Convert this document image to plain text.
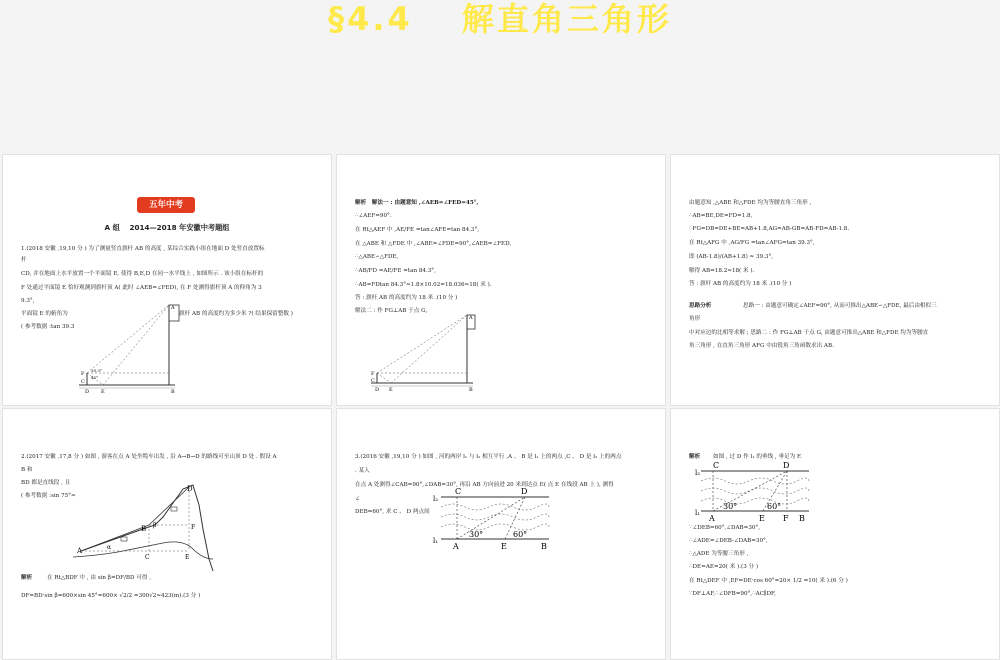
§4.4　 解直角三角形
五年中考
A 组　 2014—2018 年安徽中考题组
1.(2018 安徽 ,19,10 分 ) 为了测量竖直旗杆 AB 的高度 , 某综合实践小组在地面 D 处竖直放置标
杆
CD, 并在地面上水平放置一个平面镜 E, 使得 B,E,D 在同一水平线上 , 如图所示 . 该小组在标杆的
F 处通过平面镜 E 恰好观测到旗杆顶 A( 此时 ∠AEB=∠FED), 在 F 处测得旗杆顶 A 的仰角为 3
9.3°,
平面镜 E 的俯角为
( 参考数据 :tan 39.3
旗杆 AB 的高度约为多少米 ?( 结果保留整数 )
A
F
C
39.3°
45°
B
E
D
解析　解法一 : 由题意知 ,∠AEB=∠FED=45°,
∴∠AEF=90°.
在 Rt△AEF 中 ,AE/FE =tan∠AFE=tan 84.3°,
在 △ABE 和 △FDE 中 ,∠ABE=∠FDE=90°,∠AEB=∠FED,
∴△ABE∽△FDE,
∴AB/FD =AE/FE =tan 84.3°,
∴AB=FDtan 84.3°≈1.8×10.02=18.036≈18( 米 ).
答 : 旗杆 AB 的高度约为 18 米 .(10 分 )
解法二 : 作 FG⊥AB 于点 G,
A
F
C
B
E
D
由题意知 ,△ABE 和△FDE 均为等腰直角三角形 ,
∴AB=BE,DE=FD=1.8,
∴FG=DB=DE+BE=AB+1.8,AG=AB-GB=AB-FD=AB-1.8.
在 Rt△AFG 中 ,AG/FG =tan∠AFG=tan 39.3°,
即 (AB-1.8)/(AB+1.8) ≈ 39.3°,
解得 AB=18.2≈18( 米 ).
答 : 旗杆 AB 的高度约为 18 米 .(10 分 )
思路分析	思路一 : 由题意可确定∠AEF=90°, 从而可推出△ABE∽△FDE, 最后由相似三
角形
中对应边的比相等求解 ; 思路二 : 作 FG⊥AB 于点 G, 由题意可推出△ABE 和△FDE 均为等腰直
角三角形 , 在直角三角形 AFG 中由锐角三角函数求出 AB.
2.(2017 安徽 ,17,8 分 ) 如图 , 游客在点 A 处坐缆车出发 , 沿 A→B→D 的路线可至山顶 D 处 . 假设 A
B 和
BD 都是直线段 , 且
( 参考数据 :sin 75°≈
D
B β	F
α
A
E
C
解析	在 Rt△BDF 中 , 由 sin β=DF/BD 可得 ,
DF=BD·sin β=600×sin 45°=600× √2/2 =300√2≈423(m).(3 分 )
3.(2016 安徽 ,19,10 分 ) 如图 , 河的两岸 l₁ 与 l₂ 相互平行 ,A 、 B 是 l₁ 上的两点 ,C 、 D 是 l₂ 上的两点
. 某人
在点 A 处测得∠CAB=90°,∠DAB=30°, 再沿 AB 方向前进 20 米到达点 E( 点 E 在线段 AB 上 ), 测得
∠
DEB=60°, 求 C 、 D 两点间
l₂
C	D
30°	60°
l₁
A	E	B
解析 如图 , 过 D 作 l₁ 的垂线 , 垂足为 F.
l₂
C	D
30°	60°
l₁
A	E F B
∵∠DEB=60°,∠DAB=30°,
∴∠ADE=∠DEB-∠DAB=30°,
∴△ADE 为等腰三角形 ,
∴DE=AE=20( 米 ).(3 分 )
在 Rt△DEF 中 ,EF=DE·cos 60°=20× 1/2 =10( 米 ).(6 分 )
∵DF⊥AF,∴∠DFB=90°,∴AC∥DF,
